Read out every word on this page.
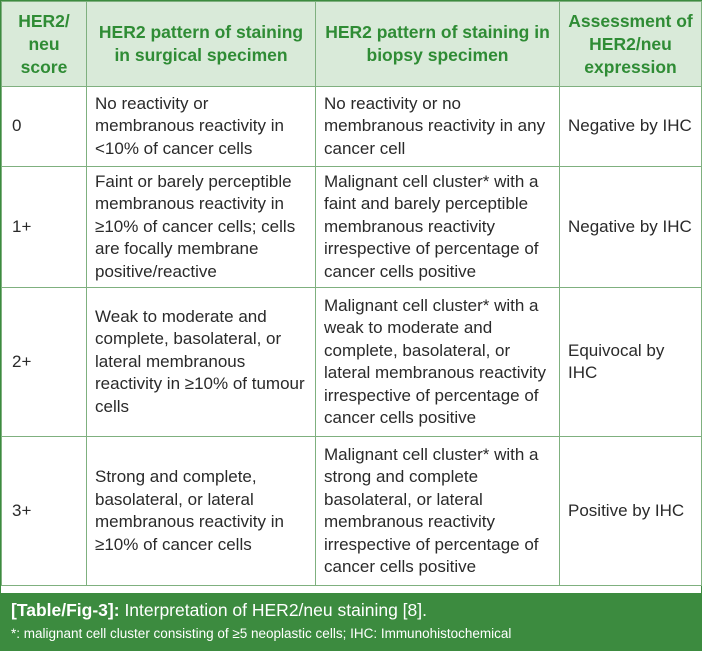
HER2/ neu score	HER2 pattern of staining in surgical specimen	HER2 pattern of staining in biopsy specimen	Assessment of HER2/neu expression
0	No reactivity or membranous reactivity in <10% of cancer cells	No reactivity or no membranous reactivity in any cancer cell	Negative by IHC
1+	Faint or barely perceptible membranous reactivity in ≥10% of cancer cells; cells are focally membrane positive/reactive	Malignant cell cluster* with a faint and barely perceptible membranous reactivity irrespective of percentage of cancer cells positive	Negative by IHC
2+	Weak to moderate and complete, basolateral, or lateral membranous reactivity in ≥10% of tumour cells	Malignant cell cluster* with a weak to moderate and complete, basolateral, or lateral membranous reactivity irrespective of percentage of cancer cells positive	Equivocal by IHC
3+	Strong and complete, basolateral, or lateral membranous reactivity in ≥10% of cancer cells	Malignant cell cluster* with a strong and complete basolateral, or lateral membranous reactivity irrespective of percentage of cancer cells positive	Positive by IHC
[Table/Fig-3]: Interpretation of HER2/neu staining [8].
*: malignant cell cluster consisting of ≥5 neoplastic cells; IHC: Immunohistochemical
